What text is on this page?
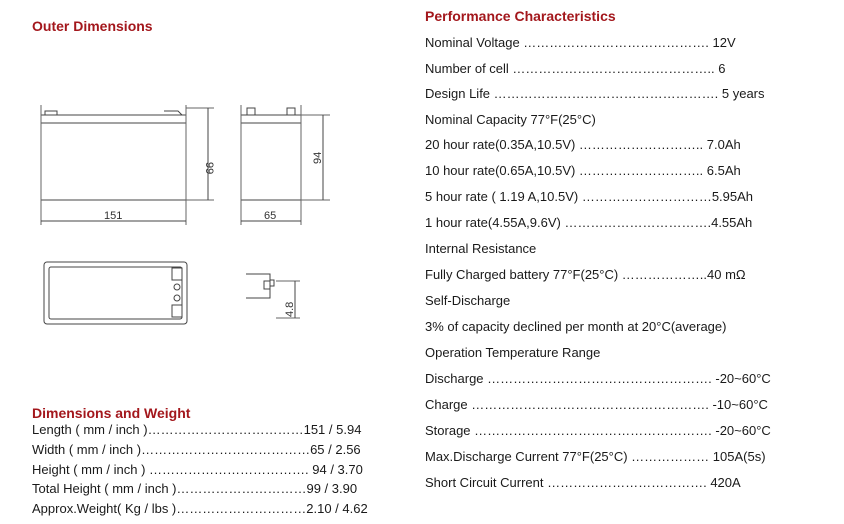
Outer Dimensions
151
99
65
94
4.8
Dimensions and Weight
Length ( mm / inch )………………………………151 / 5.94
Width ( mm / inch )…………………………………65 / 2.56
Height ( mm / inch ) ………………………………. 94 / 3.70
Total Height ( mm / inch )…………………………99 / 3.90
Approx.Weight( Kg / lbs )…………………………2.10 / 4.62
Performance Characteristics
Nominal Voltage ……………………………………. 12V
Number of cell ……………………………………….. 6
Design Life ……………………………………………. 5 years
Nominal Capacity 77°F(25°C)
20 hour rate(0.35A,10.5V) ……………………….. 7.0Ah
10 hour rate(0.65A,10.5V) ……………………….. 6.5Ah
5 hour rate ( 1.19 A,10.5V) …………………………5.95Ah
1 hour rate(4.55A,9.6V) …………………………….4.55Ah
Internal Resistance
Fully Charged battery 77°F(25°C) ………………..40 mΩ
Self-Discharge
3% of capacity declined per month at 20°C(average)
Operation Temperature Range
Discharge ……………………………………………. -20~60°C
Charge ………………………………………………. -10~60°C
Storage ………………………………………………. -20~60°C
Max.Discharge Current 77°F(25°C) ……………… 105A(5s)
Short Circuit Current ………………………………. 420A
